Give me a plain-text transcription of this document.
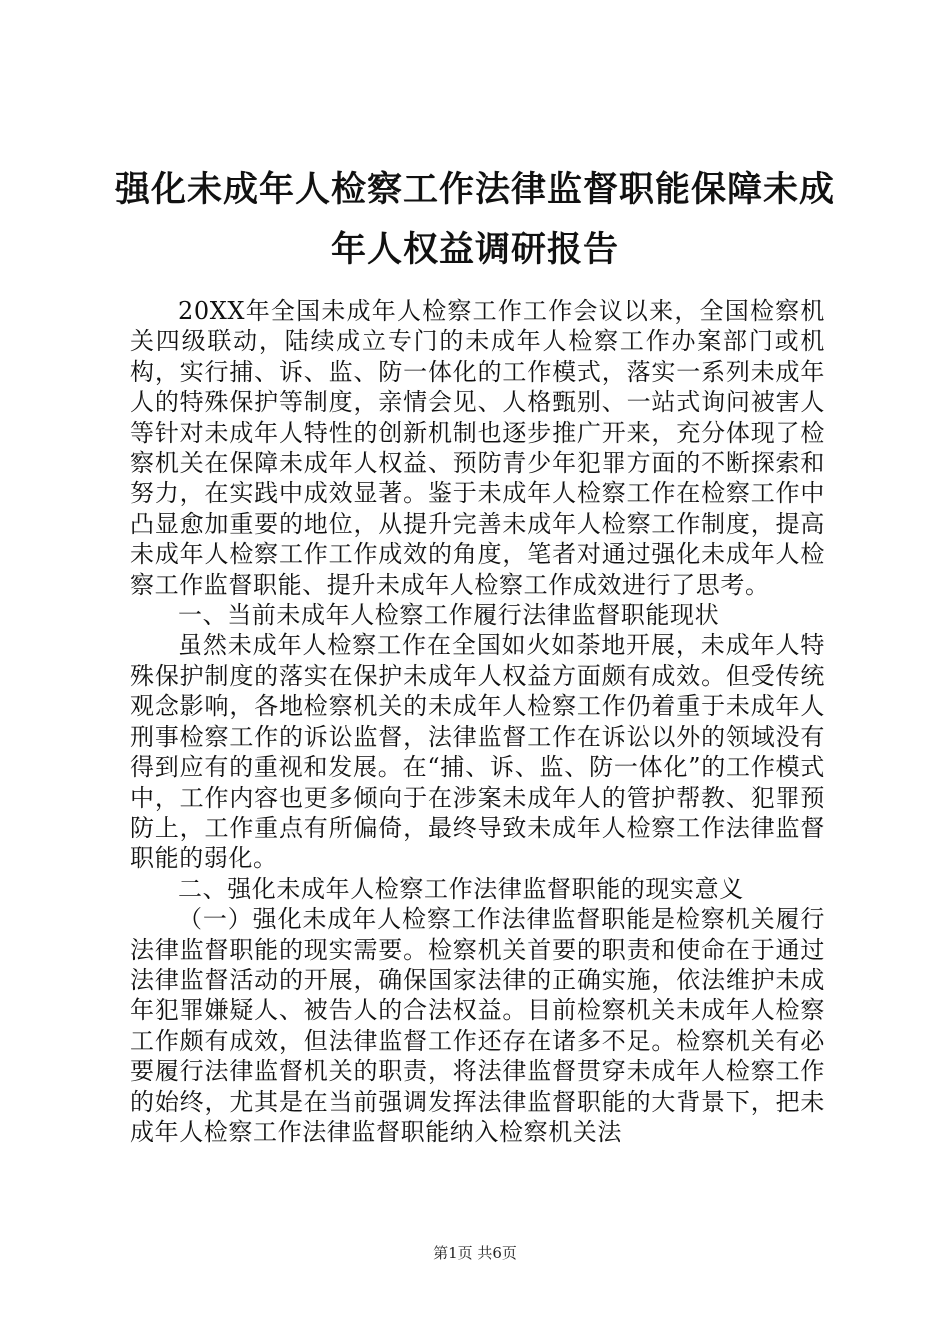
强化未成年人检察工作法律监督职能保障未成年人权益调研报告

20XX年全国未成年人检察工作工作会议以来，全国检察机关四级联动，陆续成立专门的未成年人检察工作办案部门或机构，实行捕、诉、监、防一体化的工作模式，落实一系列未成年人的特殊保护等制度，亲情会见、人格甄别、一站式询问被害人等针对未成年人特性的创新机制也逐步推广开来，充分体现了检察机关在保障未成年人权益、预防青少年犯罪方面的不断探索和努力，在实践中成效显著。鉴于未成年人检察工作在检察工作中凸显愈加重要的地位，从提升完善未成年人检察工作制度，提高未成年人检察工作工作成效的角度，笔者对通过强化未成年人检察工作监督职能、提升未成年人检察工作成效进行了思考。

一、当前未成年人检察工作履行法律监督职能现状

虽然未成年人检察工作在全国如火如荼地开展，未成年人特殊保护制度的落实在保护未成年人权益方面颇有成效。但受传统观念影响，各地检察机关的未成年人检察工作仍着重于未成年人刑事检察工作的诉讼监督，法律监督工作在诉讼以外的领域没有得到应有的重视和发展。在“捕、诉、监、防一体化”的工作模式中，工作内容也更多倾向于在涉案未成年人的管护帮教、犯罪预防上，工作重点有所偏倚，最终导致未成年人检察工作法律监督职能的弱化。

二、强化未成年人检察工作法律监督职能的现实意义

（一）强化未成年人检察工作法律监督职能是检察机关履行法律监督职能的现实需要。检察机关首要的职责和使命在于通过法律监督活动的开展，确保国家法律的正确实施，依法维护未成年犯罪嫌疑人、被告人的合法权益。目前检察机关未成年人检察工作颇有成效，但法律监督工作还存在诸多不足。检察机关有必要履行法律监督机关的职责，将法律监督贯穿未成年人检察工作的始终，尤其是在当前强调发挥法律监督职能的大背景下，把未成年人检察工作法律监督职能纳入检察机关法

第1页 共6页
